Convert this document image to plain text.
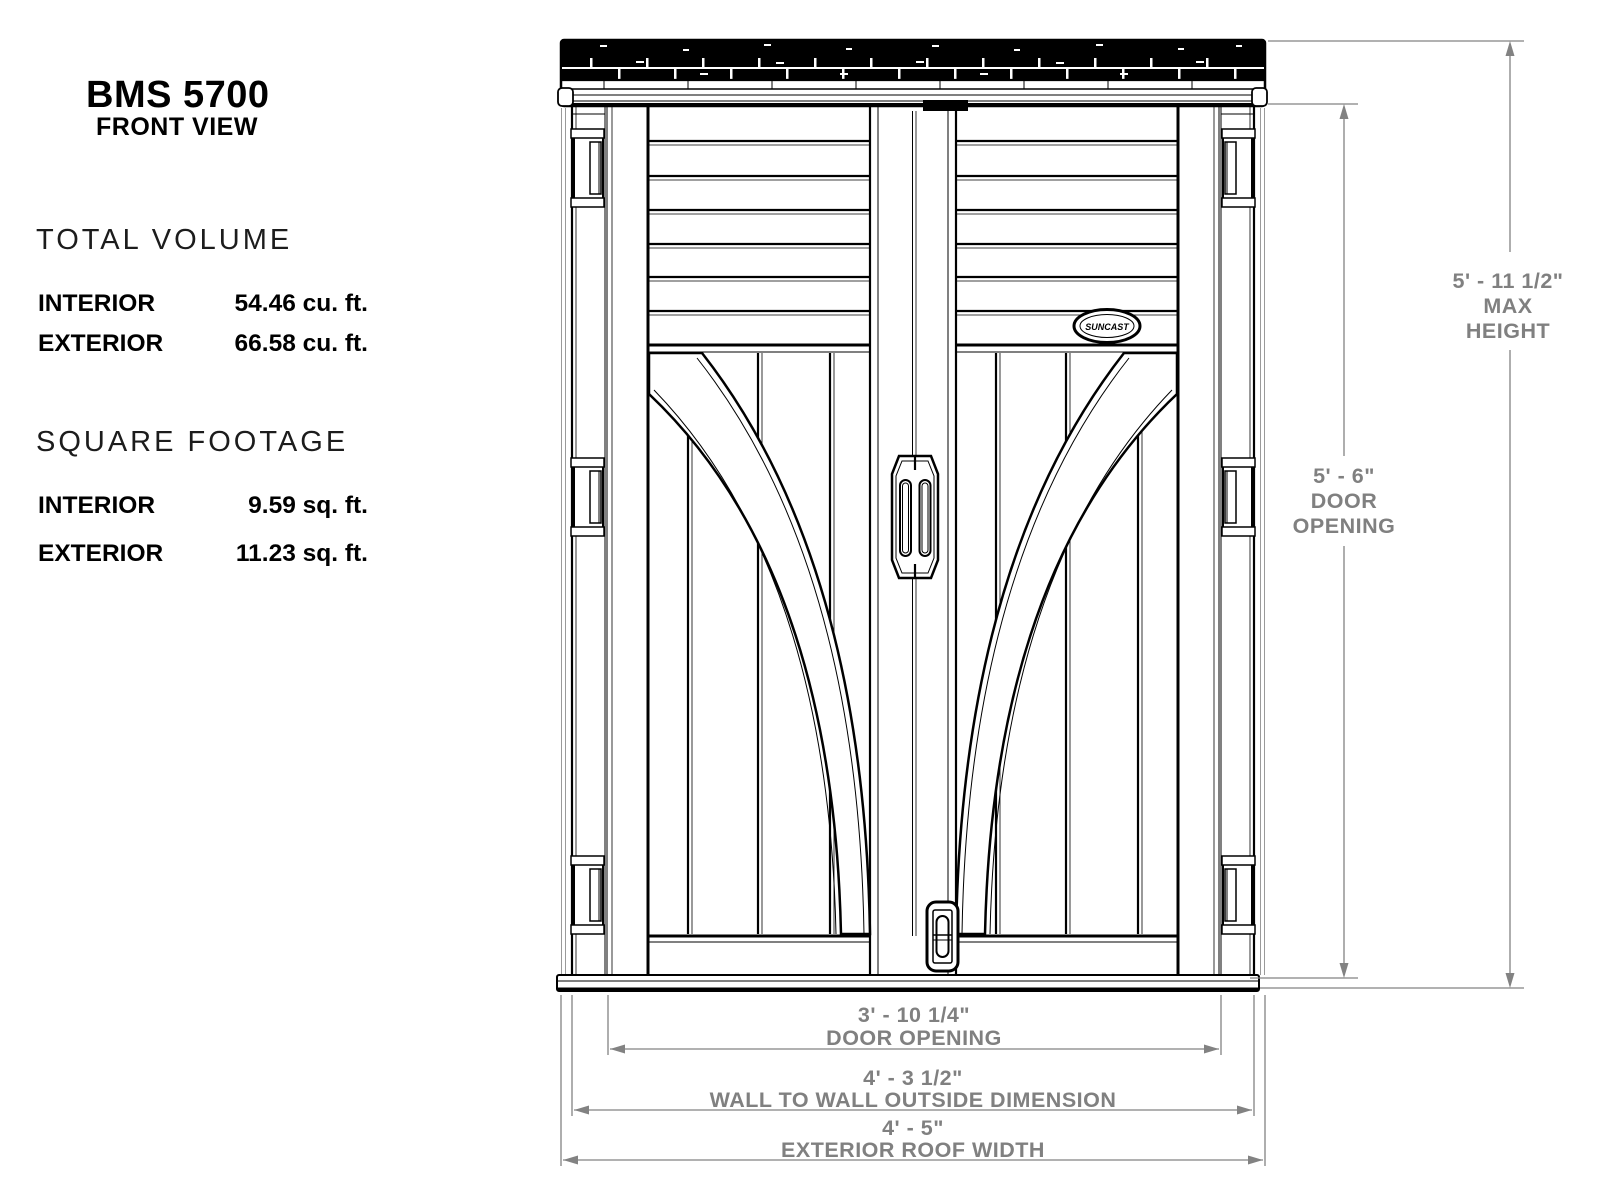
BMS 5700
FRONT VIEW
TOTAL VOLUME
INTERIOR	54.46 cu. ft.
EXTERIOR	66.58 cu. ft.
SQUARE FOOTAGE
INTERIOR	9.59 sq. ft.
EXTERIOR	11.23 sq. ft.
SUNCAST
5' - 11 1/2"
MAX
HEIGHT
5' - 6"
DOOR
OPENING
3' - 10 1/4"
DOOR OPENING
4' - 3 1/2"
WALL TO WALL OUTSIDE DIMENSION
4' - 5"
EXTERIOR ROOF WIDTH
